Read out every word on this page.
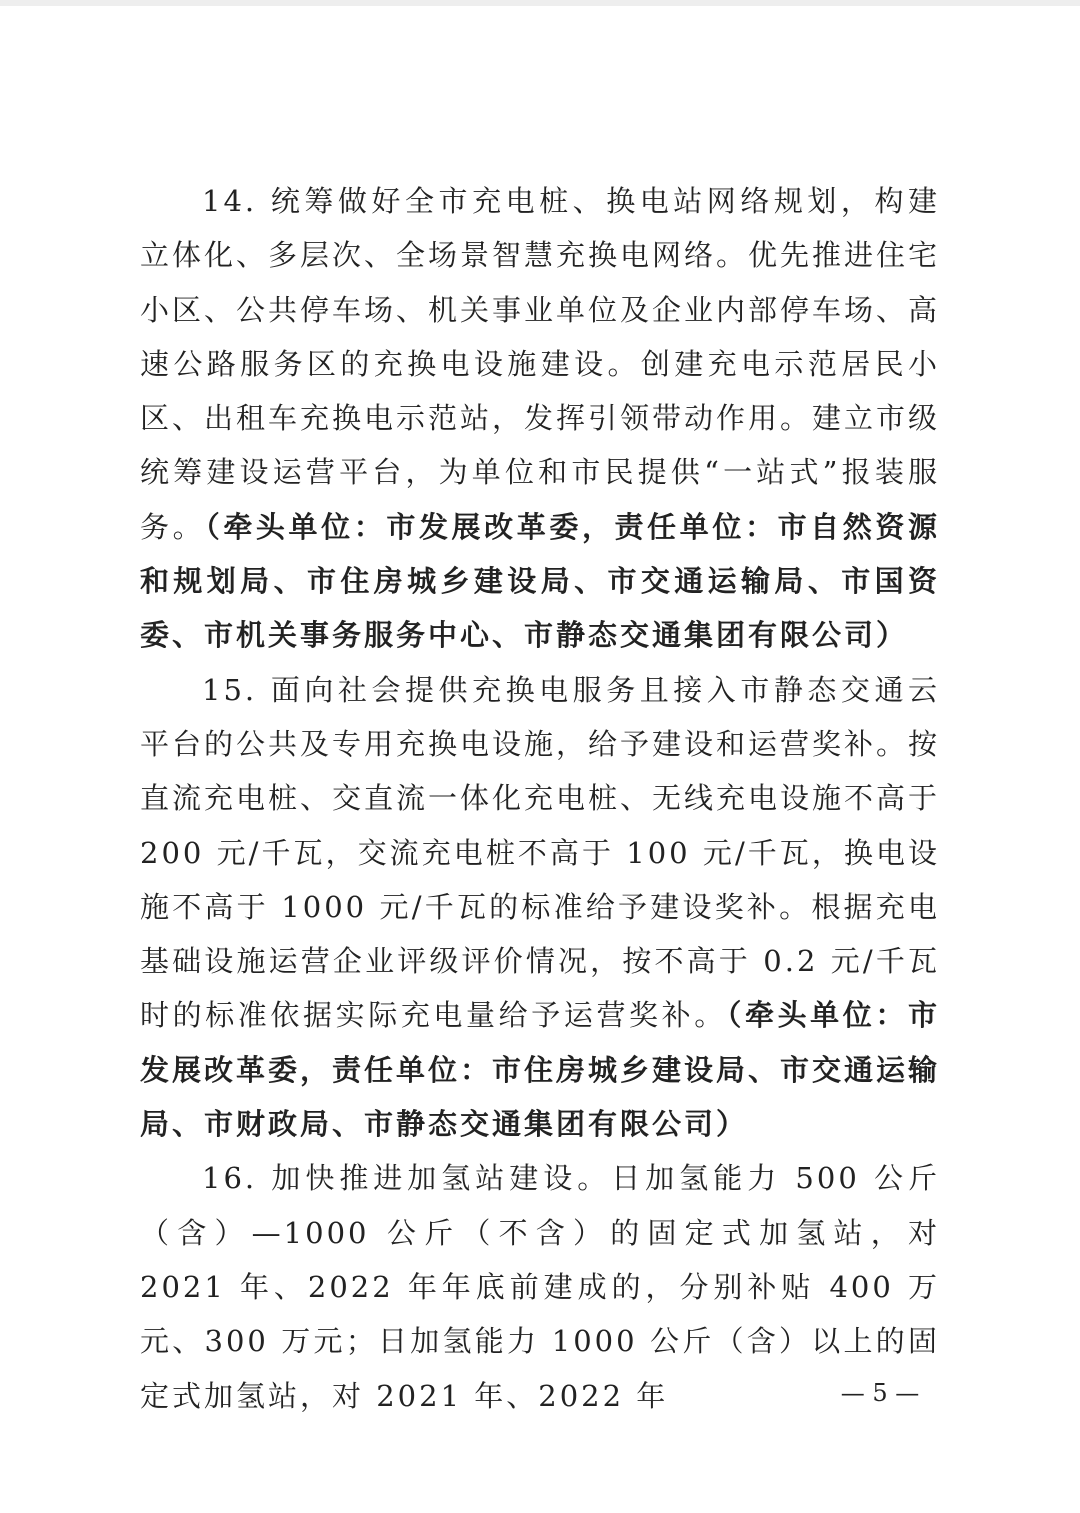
14. 统筹做好全市充电桩、换电站网络规划，构建立体化、多层次、全场景智慧充换电网络。优先推进住宅小区、公共停车场、机关事业单位及企业内部停车场、高速公路服务区的充换电设施建设。创建充电示范居民小区、出租车充换电示范站，发挥引领带动作用。建立市级统筹建设运营平台，为单位和市民提供“一站式”报装服务。（牵头单位：市发展改革委，责任单位：市自然资源和规划局、市住房城乡建设局、市交通运输局、市国资委、市机关事务服务中心、市静态交通集团有限公司）

15. 面向社会提供充换电服务且接入市静态交通云平台的公共及专用充换电设施，给予建设和运营奖补。按直流充电桩、交直流一体化充电桩、无线充电设施不高于 200 元/千瓦，交流充电桩不高于 100 元/千瓦，换电设施不高于 1000 元/千瓦的标准给予建设奖补。根据充电基础设施运营企业评级评价情况，按不高于 0.2 元/千瓦时的标准依据实际充电量给予运营奖补。（牵头单位：市发展改革委，责任单位：市住房城乡建设局、市交通运输局、市财政局、市静态交通集团有限公司）

16. 加快推进加氢站建设。日加氢能力 500 公斤（含）—1000 公斤（不含）的固定式加氢站，对 2021 年、2022 年年底前建成的，分别补贴 400 万元、300 万元；日加氢能力 1000 公斤（含）以上的固定式加氢站，对 2021 年、2022 年	— 5 —
